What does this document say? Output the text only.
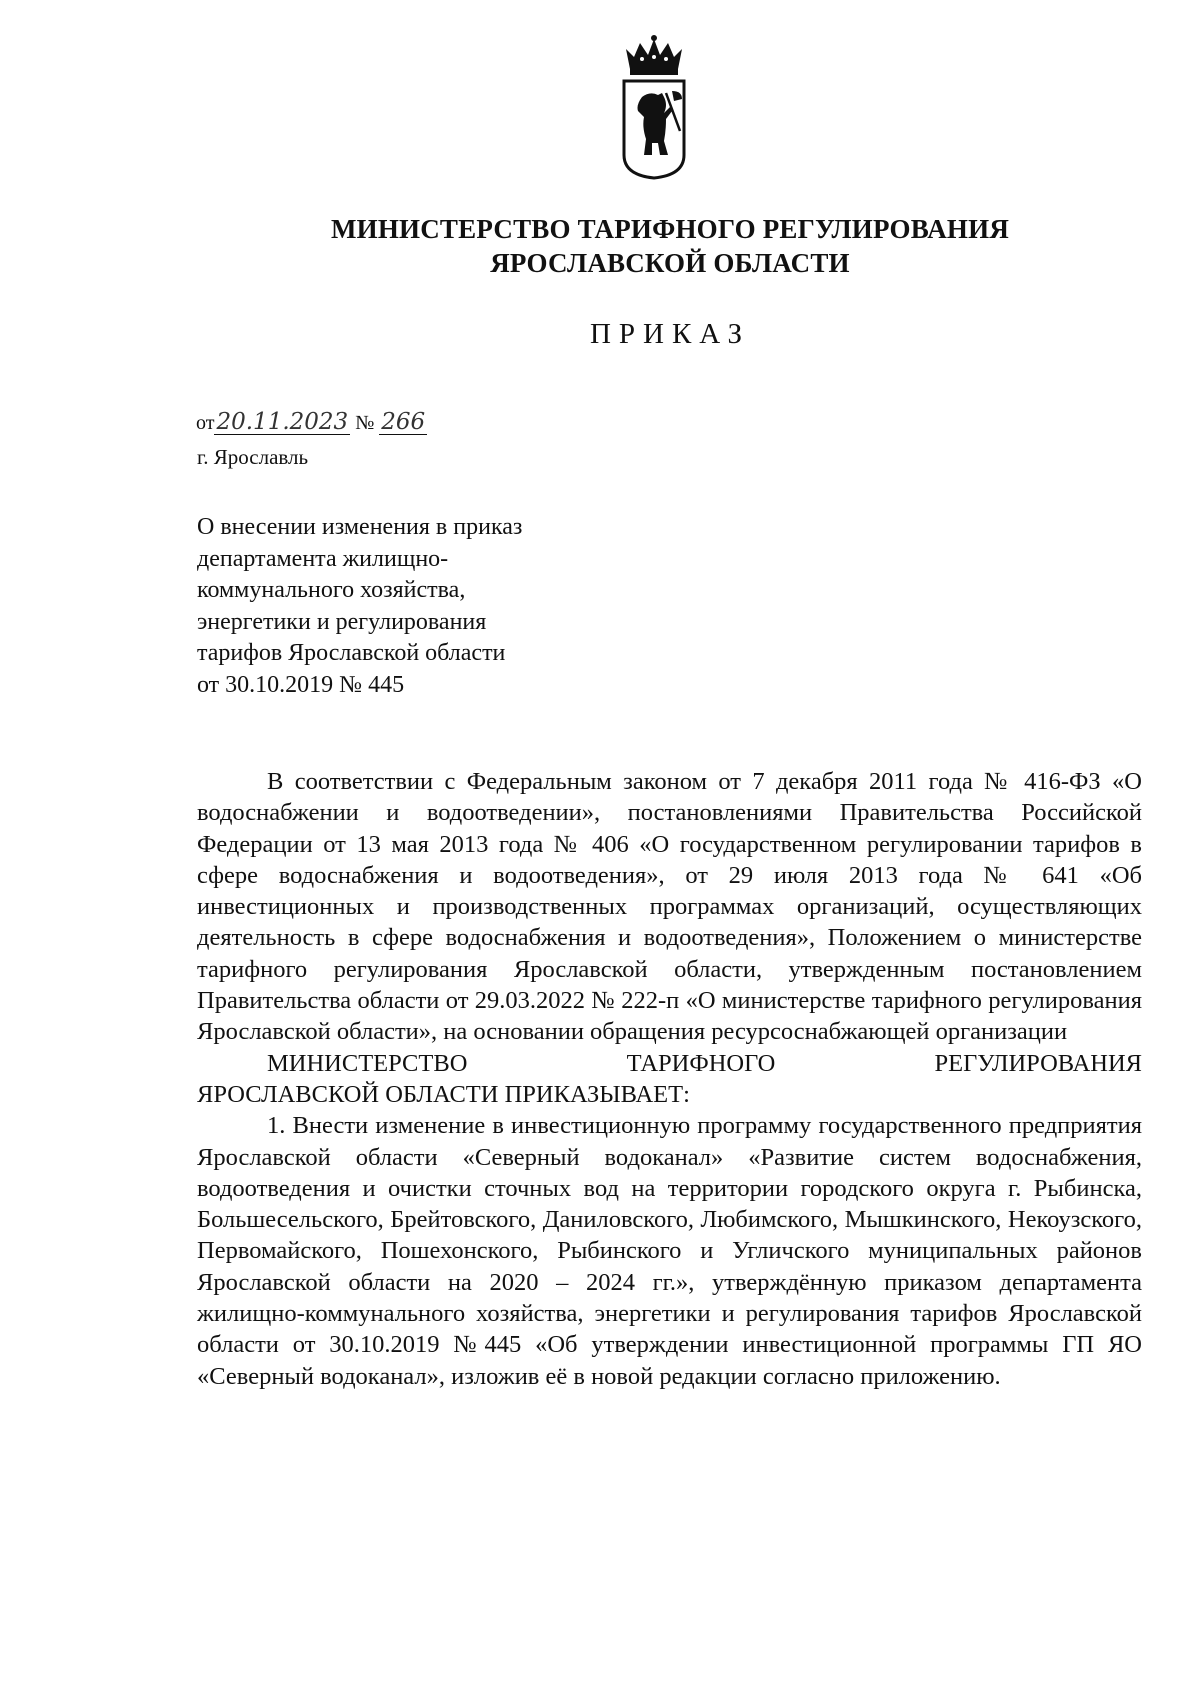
МИНИСТЕРСТВО ТАРИФНОГО РЕГУЛИРОВАНИЯ
ЯРОСЛАВСКОЙ ОБЛАСТИ
ПРИКАЗ
от20.11.2023 № 266
г. Ярославль
О внесении изменения в приказ
департамента жилищно-
коммунального хозяйства,
энергетики и регулирования
тарифов Ярославской области
от 30.10.2019 № 445

В соответствии с Федеральным законом от 7 декабря 2011 года № 416-ФЗ «О водоснабжении и водоотведении», постановлениями Правительства Российской Федерации от 13 мая 2013 года № 406 «О государственном регулировании тарифов в сфере водоснабжения и водоотведения», от 29 июля 2013 года № 641 «Об инвестиционных и производственных программах организаций, осуществляющих деятельность в сфере водоснабжения и водоотведения», Положением о министерстве тарифного регулирования Ярославской области, утвержденным постановлением Правительства области от 29.03.2022 № 222-п «О министерстве тарифного регулирования Ярославской области», на основании обращения ресурсоснабжающей организации

МИНИСТЕРСТВО ТАРИФНОГО РЕГУЛИРОВАНИЯ

ЯРОСЛАВСКОЙ ОБЛАСТИ ПРИКАЗЫВАЕТ:

1. Внести изменение в инвестиционную программу государственного предприятия Ярославской области «Северный водоканал» «Развитие систем водоснабжения, водоотведения и очистки сточных вод на территории городского округа г. Рыбинска, Большесельского, Брейтовского, Даниловского, Любимского, Мышкинского, Некоузского, Первомайского, Пошехонского, Рыбинского и Угличского муниципальных районов Ярославской области на 2020 – 2024 гг.», утверждённую приказом департамента жилищно-коммунального хозяйства, энергетики и регулирования тарифов Ярославской области от 30.10.2019 №445 «Об утверждении инвестиционной программы ГП ЯО «Северный водоканал», изложив её в новой редакции согласно приложению.
